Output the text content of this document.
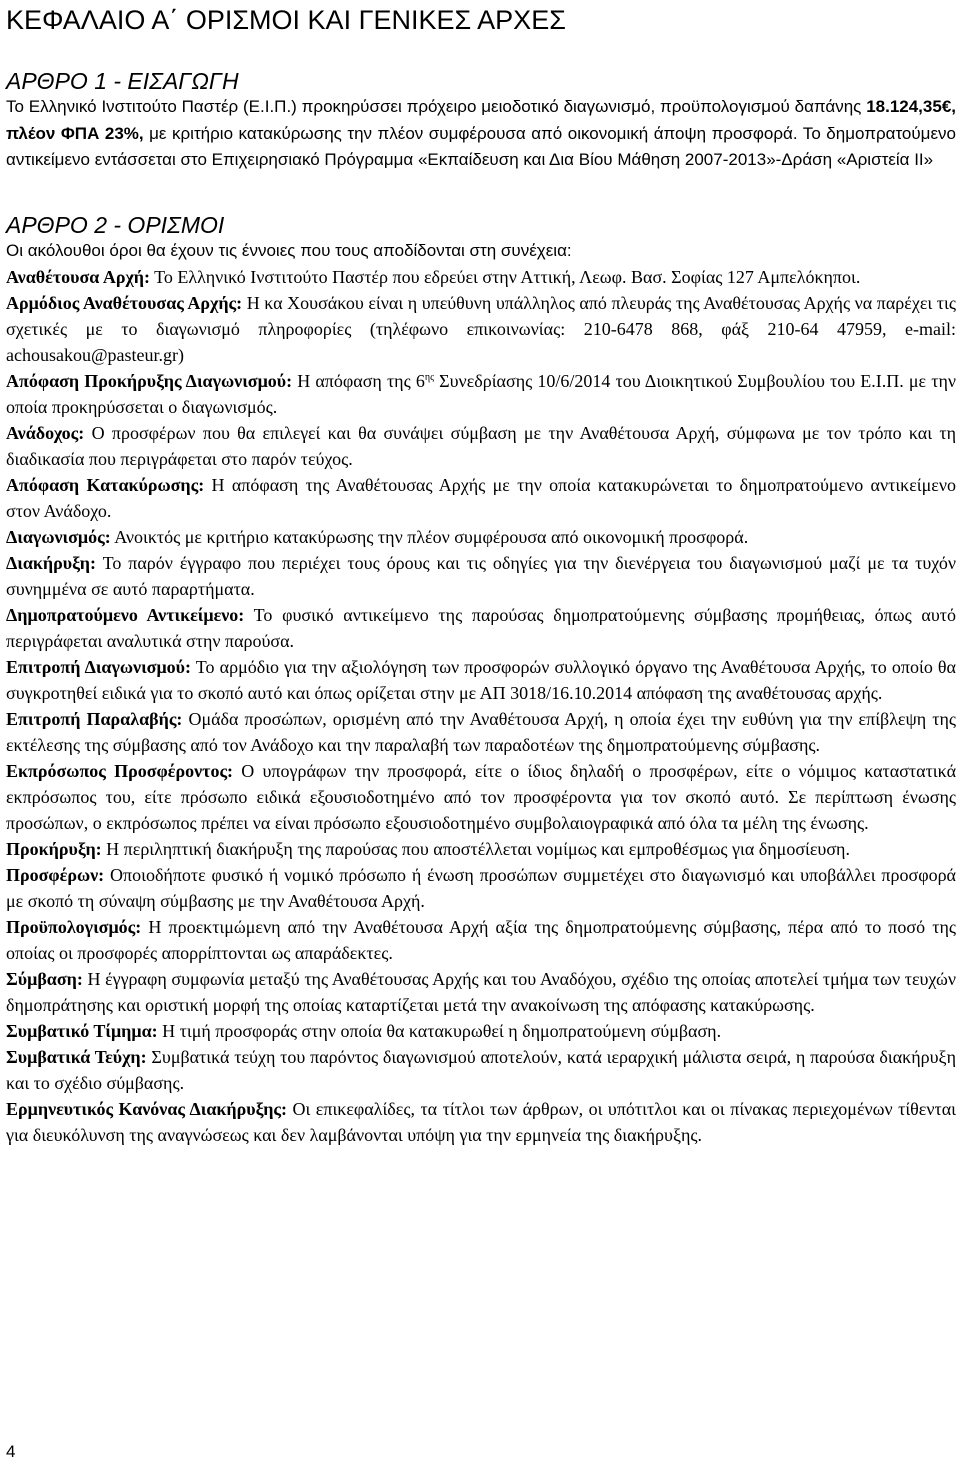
ΚΕΦΑΛΑΙΟ Α΄ ΟΡΙΣΜΟΙ ΚΑΙ ΓΕΝΙΚΕΣ ΑΡΧΕΣ
ΑΡΘΡΟ 1 - ΕΙΣΑΓΩΓΗ

Το Ελληνικό Ινστιτούτο Παστέρ (Ε.Ι.Π.) προκηρύσσει πρόχειρο μειοδοτικό διαγωνισμό, προϋπολογισμού δαπάνης 18.124,35€, πλέον ΦΠΑ 23%, με κριτήριο κατακύρωσης την πλέον συμφέρουσα από οικονομική άποψη προσφορά. Το δημοπρατούμενο αντικείμενο εντάσσεται στο Επιχειρησιακό Πρόγραμμα «Εκπαίδευση και Δια Βίου Μάθηση 2007-2013»-Δράση «Αριστεία ΙΙ»

ΑΡΘΡΟ 2 - ΟΡΙΣΜΟΙ

Οι ακόλουθοι όροι θα έχουν τις έννοιες που τους αποδίδονται στη συνέχεια:

Αναθέτουσα Αρχή: Το Ελληνικό Ινστιτούτο Παστέρ που εδρεύει στην Αττική, Λεωφ. Βασ. Σοφίας 127 Αμπελόκηποι.

Αρμόδιος Αναθέτουσας Αρχής: Η κα Χουσάκου είναι η υπεύθυνη υπάλληλος από πλευράς της Αναθέτουσας Αρχής να παρέχει τις σχετικές με το διαγωνισμό πληροφορίες (τηλέφωνο επικοινωνίας: 210-6478 868, φάξ 210-64 47959, e-mail: achousakou@pasteur.gr)

Απόφαση Προκήρυξης Διαγωνισμού: Η απόφαση της $6^{\eta\varsigma}$ Συνεδρίασης 10/6/2014 του Διοικητικού Συμβουλίου του Ε.Ι.Π. με την οποία προκηρύσσεται ο διαγωνισμός.

Ανάδοχος: Ο προσφέρων που θα επιλεγεί και θα συνάψει σύμβαση με την Αναθέτουσα Αρχή, σύμφωνα με τον τρόπο και τη διαδικασία που περιγράφεται στο παρόν τεύχος.

Απόφαση Κατακύρωσης: Η απόφαση της Αναθέτουσας Αρχής με την οποία κατακυρώνεται το δημοπρατούμενο αντικείμενο στον Ανάδοχο.

Διαγωνισμός: Ανοικτός με κριτήριο κατακύρωσης την πλέον συμφέρουσα από οικονομική προσφορά.

Διακήρυξη: Το παρόν έγγραφο που περιέχει τους όρους και τις οδηγίες για την διενέργεια του διαγωνισμού μαζί με τα τυχόν συνημμένα σε αυτό παραρτήματα.

Δημοπρατούμενο Αντικείμενο: Το φυσικό αντικείμενο της παρούσας δημοπρατούμενης σύμβασης προμήθειας, όπως αυτό περιγράφεται αναλυτικά στην παρούσα.

Επιτροπή Διαγωνισμού: Το αρμόδιο για την αξιολόγηση των προσφορών συλλογικό όργανο της Αναθέτουσα Αρχής, το οποίο θα συγκροτηθεί ειδικά για το σκοπό αυτό και όπως ορίζεται στην με ΑΠ 3018/16.10.2014 απόφαση της αναθέτουσας αρχής.

Επιτροπή Παραλαβής: Ομάδα προσώπων, ορισμένη από την Αναθέτουσα Αρχή, η οποία έχει την ευθύνη για την επίβλεψη της εκτέλεσης της σύμβασης από τον Ανάδοχο και την παραλαβή των παραδοτέων της δημοπρατούμενης σύμβασης.

Εκπρόσωπος Προσφέροντος: Ο υπογράφων την προσφορά, είτε ο ίδιος δηλαδή ο προσφέρων, είτε ο νόμιμος καταστατικά εκπρόσωπος του, είτε πρόσωπο ειδικά εξουσιοδοτημένο από τον προσφέροντα για τον σκοπό αυτό. Σε περίπτωση ένωσης προσώπων, ο εκπρόσωπος πρέπει να είναι πρόσωπο εξουσιοδοτημένο συμβολαιογραφικά από όλα τα μέλη της ένωσης.

Προκήρυξη: Η περιληπτική διακήρυξη της παρούσας που αποστέλλεται νομίμως και εμπροθέσμως για δημοσίευση.

Προσφέρων: Οποιοδήποτε φυσικό ή νομικό πρόσωπο ή ένωση προσώπων συμμετέχει στο διαγωνισμό και υποβάλλει προσφορά με σκοπό τη σύναψη σύμβασης με την Αναθέτουσα Αρχή.

Προϋπολογισμός: Η προεκτιμώμενη από την Αναθέτουσα Αρχή αξία της δημοπρατούμενης σύμβασης, πέρα από το ποσό της οποίας οι προσφορές απορρίπτονται ως απαράδεκτες.

Σύμβαση: Η έγγραφη συμφωνία μεταξύ της Αναθέτουσας Αρχής και του Αναδόχου, σχέδιο της οποίας αποτελεί τμήμα των τευχών δημοπράτησης και οριστική μορφή της οποίας καταρτίζεται μετά την ανακοίνωση της απόφασης κατακύρωσης.

Συμβατικό Τίμημα: Η τιμή προσφοράς στην οποία θα κατακυρωθεί η δημοπρατούμενη σύμβαση.

Συμβατικά Τεύχη: Συμβατικά τεύχη του παρόντος διαγωνισμού αποτελούν, κατά ιεραρχική μάλιστα σειρά, η παρούσα διακήρυξη και το σχέδιο σύμβασης.

Ερμηνευτικός Κανόνας Διακήρυξης: Οι επικεφαλίδες, τα τίτλοι των άρθρων, οι υπότιτλοι και οι πίνακας περιεχομένων τίθενται για διευκόλυνση της αναγνώσεως και δεν λαμβάνονται υπόψη για την ερμηνεία της διακήρυξης.

4
